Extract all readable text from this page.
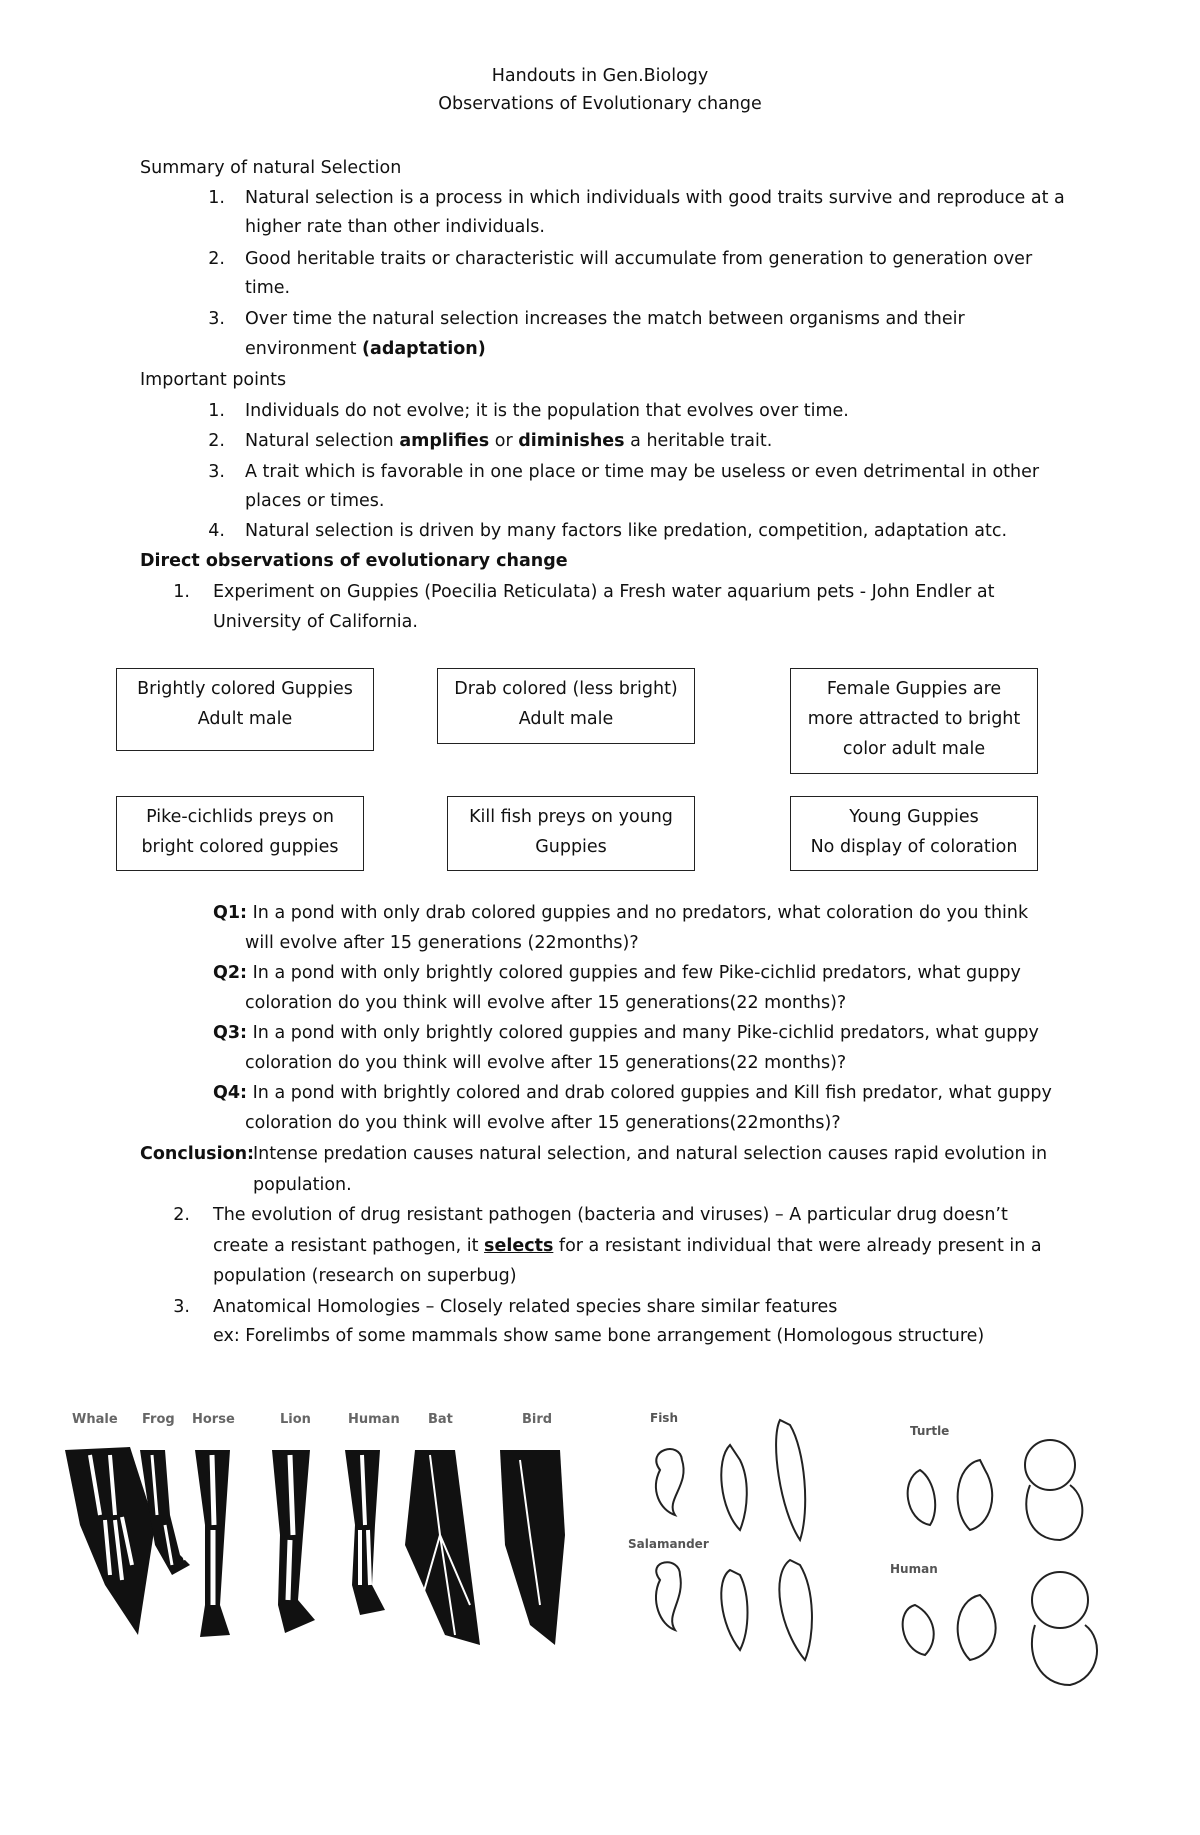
Handouts in Gen.Biology
Observations of Evolutionary change
Summary of natural Selection
1. Natural selection is a process in which individuals with good traits survive and reproduce at a
higher rate than other individuals.
2. Good heritable traits or characteristic will accumulate from generation to generation over
time.
3. Over time the natural selection increases the match between organisms and their
environment (adaptation)
Important points
1. Individuals do not evolve; it is the population that evolves over time.
2. Natural selection amplifies or diminishes a heritable trait.
3. A trait which is favorable in one place or time may be useless or even detrimental in other
places or times.
4. Natural selection is driven by many factors like predation, competition, adaptation atc.
Direct observations of evolutionary change
1. Experiment on Guppies (Poecilia Reticulata) a Fresh water aquarium pets - John Endler at
University of California.
Brightly colored Guppies
Adult male
Drab colored (less bright)
Adult male
Female Guppies are
more attracted to bright
color adult male
Pike-cichlids preys on
bright colored guppies
Kill fish preys on young
Guppies
Young Guppies
No display of coloration
Q1: In a pond with only drab colored guppies and no predators, what coloration do you think
will evolve after 15 generations (22months)?
Q2: In a pond with only brightly colored guppies and few Pike-cichlid predators, what guppy
coloration do you think will evolve after 15 generations(22 months)?
Q3: In a pond with only brightly colored guppies and many Pike-cichlid predators, what guppy
coloration do you think will evolve after 15 generations(22 months)?
Q4: In a pond with brightly colored and drab colored guppies and Kill fish predator, what guppy
coloration do you think will evolve after 15 generations(22months)?
Conclusion:
Intense predation causes natural selection, and natural selection causes rapid evolution in
population.
2. The evolution of drug resistant pathogen (bacteria and viruses) – A particular drug doesn’t
create a resistant pathogen, it selects for a resistant individual that were already present in a
population (research on superbug)
3. Anatomical Homologies – Closely related species share similar features
ex: Forelimbs of some mammals show same bone arrangement (Homologous structure)
Whale Frog Horse	Lion	Human Bat	Bird	Fish
Salamander
Turtle
Human
